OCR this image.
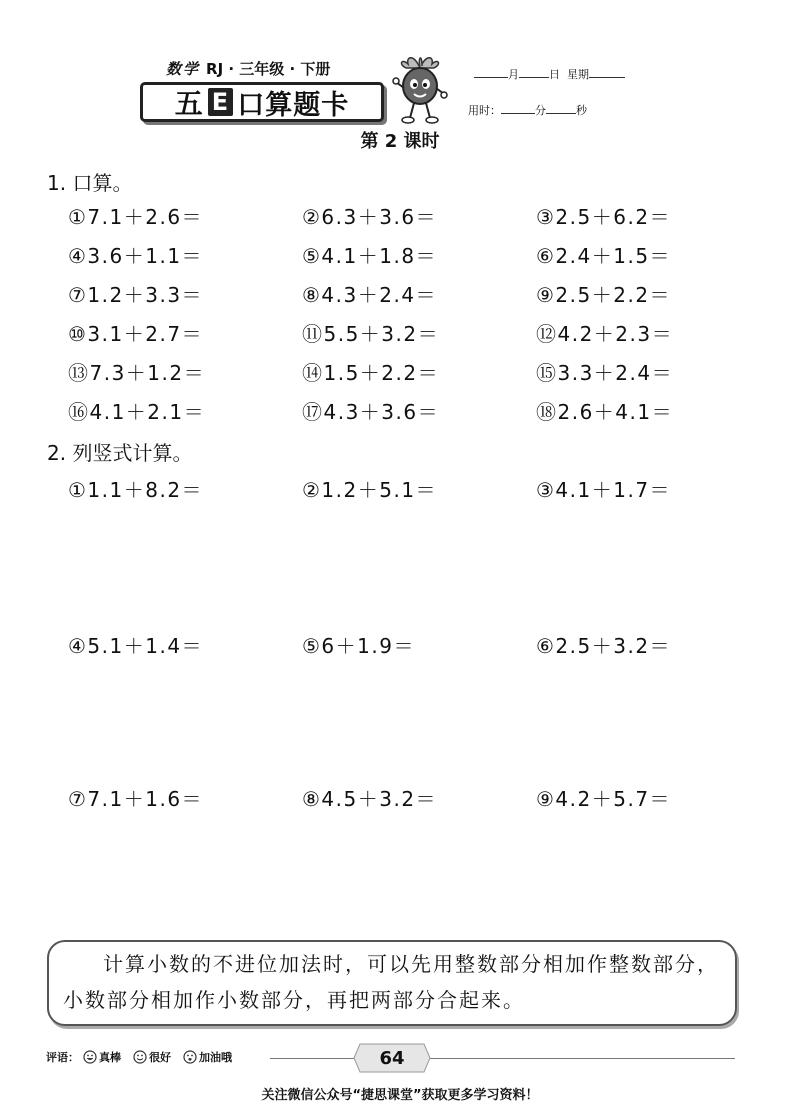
数学 RJ · 三年级 · 下册
五 E 口算题卡
月	日 星期
用时：	分	秒
第 2 课时
1. 口算。
①7.1＋2.6＝	②6.3＋3.6＝	③2.5＋6.2＝
④3.6＋1.1＝	⑤4.1＋1.8＝	⑥2.4＋1.5＝
⑦1.2＋3.3＝	⑧4.3＋2.4＝	⑨2.5＋2.2＝
⑩3.1＋2.7＝	⑪5.5＋3.2＝	⑫4.2＋2.3＝
⑬7.3＋1.2＝	⑭1.5＋2.2＝	⑮3.3＋2.4＝
⑯4.1＋2.1＝	⑰4.3＋3.6＝	⑱2.6＋4.1＝
2. 列竖式计算。
①1.1＋8.2＝	②1.2＋5.1＝	③4.1＋1.7＝
④5.1＋1.4＝	⑤6＋1.9＝	⑥2.5＋3.2＝
⑦7.1＋1.6＝	⑧4.5＋3.2＝	⑨4.2＋5.7＝
计算小数的不进位加法时，可以先用整数部分相加作整数部分，小数部分相加作小数部分，再把两部分合起来。
评语： 真棒	很好	加油哦	64
关注微信公众号“捷思课堂”获取更多学习资料！
